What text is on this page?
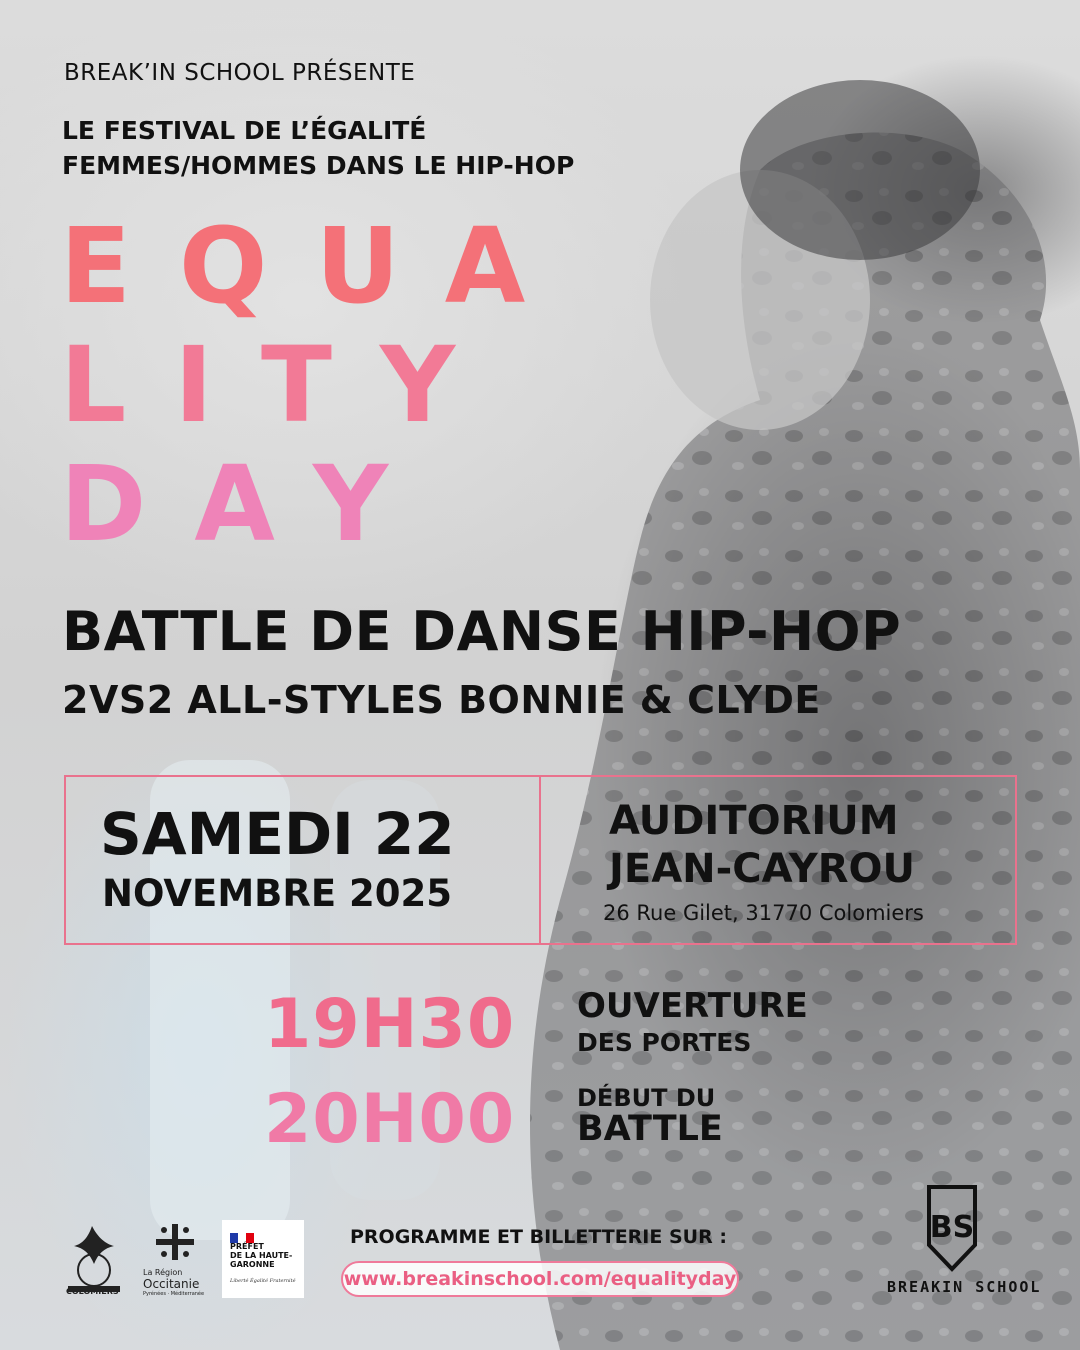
BREAK’IN SCHOOL PRÉSENTE

LE FESTIVAL DE L’ÉGALITÉ
FEMMES/HOMMES DANS LE HIP-HOP
EQUA
LITY
DAY
BATTLE DE DANSE HIP-HOP
2VS2 ALL-STYLES BONNIE & CLYDE
SAMEDI 22
NOVEMBRE 2025
AUDITORIUM
JEAN-CAYROU
26 Rue Gilet, 31770 Colomiers
19H30 OUVERTURE
DES PORTES
20H00	DÉBUT DU
BATTLE
COLOMIERS
La Région
Occitanie
Pyrénées · Méditerranée
PRÉFET
DE LA HAUTE-
GARONNE
Liberté Égalité Fraternité
PROGRAMME ET BILLETTERIE SUR :
www.breakinschool.com/equalityday
BS
BREAKIN SCHOOL
